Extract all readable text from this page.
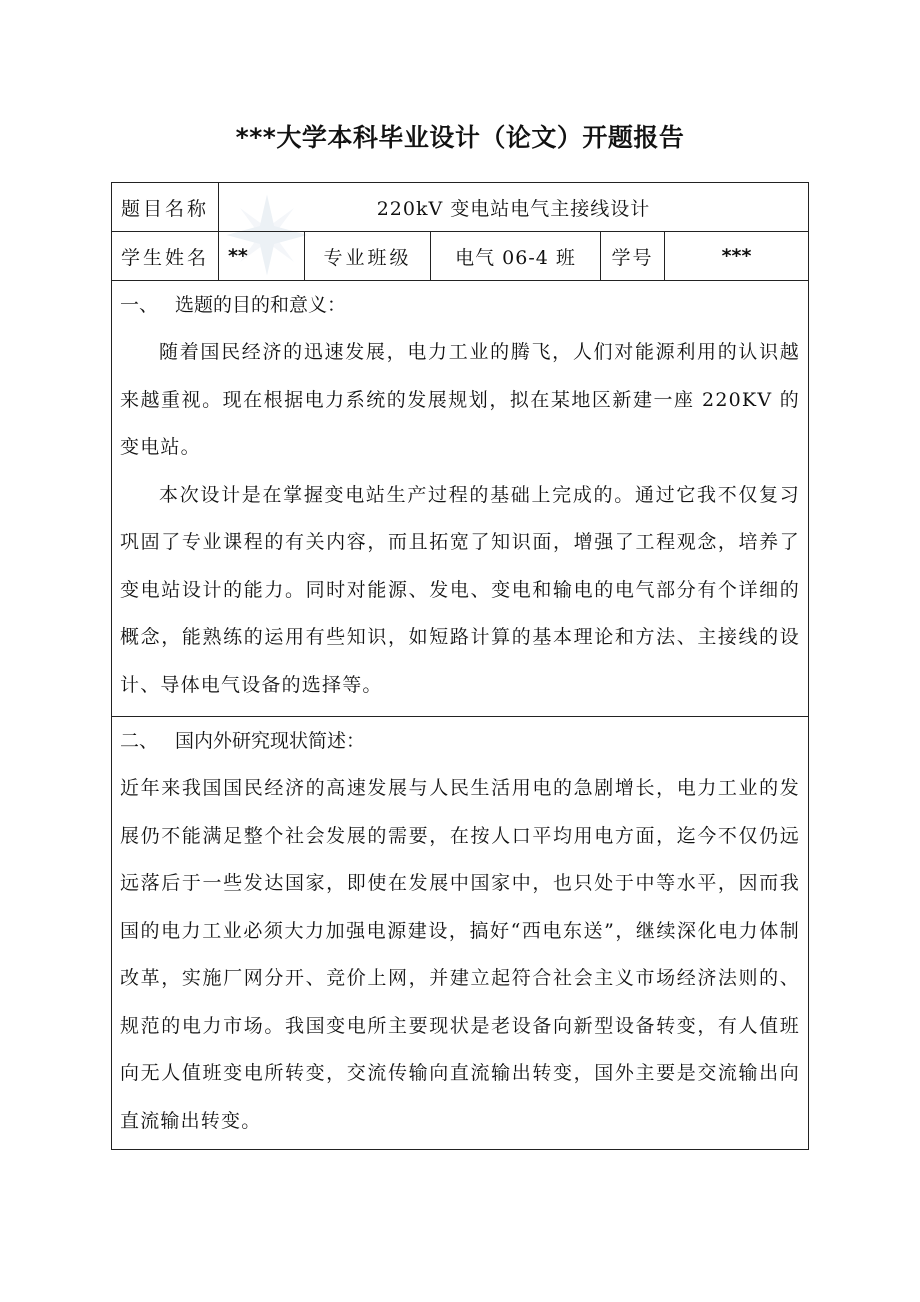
***大学本科毕业设计（论文）开题报告
题目名称	220kV 变电站电气主接线设计
学生姓名 **	专业班级	电气 06-4 班	学号	***
一、 选题的目的和意义：

随着国民经济的迅速发展，电力工业的腾飞，人们对能源利用的认识越来越重视。现在根据电力系统的发展规划，拟在某地区新建一座 220KV 的变电站。

本次设计是在掌握变电站生产过程的基础上完成的。通过它我不仅复习巩固了专业课程的有关内容，而且拓宽了知识面，增强了工程观念，培养了变电站设计的能力。同时对能源、发电、变电和输电的电气部分有个详细的概念，能熟练的运用有些知识，如短路计算的基本理论和方法、主接线的设计、导体电气设备的选择等。

二、 国内外研究现状简述：

近年来我国国民经济的高速发展与人民生活用电的急剧增长，电力工业的发展仍不能满足整个社会发展的需要，在按人口平均用电方面，迄今不仅仍远远落后于一些发达国家，即使在发展中国家中，也只处于中等水平，因而我国的电力工业必须大力加强电源建设，搞好“西电东送”，继续深化电力体制改革，实施厂网分开、竞价上网，并建立起符合社会主义市场经济法则的、规范的电力市场。我国变电所主要现状是老设备向新型设备转变，有人值班向无人值班变电所转变，交流传输向直流输出转变，国外主要是交流输出向直流输出转变。
